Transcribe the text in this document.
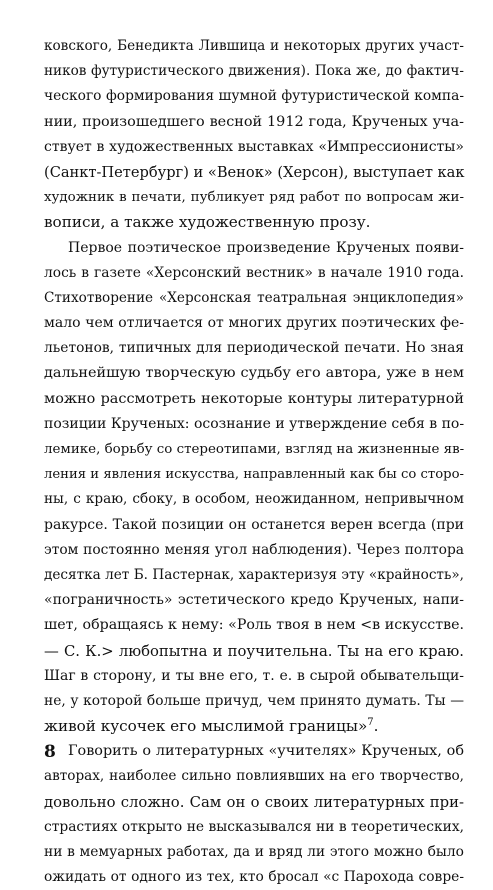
ковского, Бенедикта Лившица и некоторых других участ-
ников футуристического движения). Пока же, до фактич-
ческого формирования шумной футуристической компа-
нии, произошедшего весной 1912 года, Крученых уча-
ствует в художественных выставках «Импрессионисты»
(Санкт-Петербург) и «Венок» (Херсон), выступает как
художник в печати, публикует ряд работ по вопросам жи-
вописи, а также художественную прозу.
Первое поэтическое произведение Крученых появи-
лось в газете «Херсонский вестник» в начале 1910 года.
Стихотворение «Херсонская театральная энциклопедия»
мало чем отличается от многих других поэтических фе-
льетонов, типичных для периодической печати. Но зная
дальнейшую творческую судьбу его автора, уже в нем
можно рассмотреть некоторые контуры литературной
позиции Крученых: осознание и утверждение себя в по-
лемике, борьбу со стереотипами, взгляд на жизненные яв-
ления и явления искусства, направленный как бы со сторо-
ны, с краю, сбоку, в особом, неожиданном, непривычном
ракурсе. Такой позиции он останется верен всегда (при
этом постоянно меняя угол наблюдения). Через полтора
десятка лет Б. Пастернак, характеризуя эту «крайность»,
«пограничность» эстетического кредо Крученых, напи-
шет, обращаясь к нему: «Роль твоя в нем <в искусстве.
— С. К.> любопытна и поучительна. Ты на его краю.
Шаг в сторону, и ты вне его, т. е. в сырой обывательщи-
не, у которой больше причуд, чем принято думать. Ты —
живой кусочек его мыслимой границы»$^7$.
Говорить о литературных «учителях» Крученых, об
авторах, наиболее сильно повлиявших на его творчество,
довольно сложно. Сам он о своих литературных при-
страстиях открыто не высказывался ни в теоретических,
ни в мемуарных работах, да и вряд ли этого можно было
ожидать от одного из тех, кто бросал «с Парохода совре-
8
